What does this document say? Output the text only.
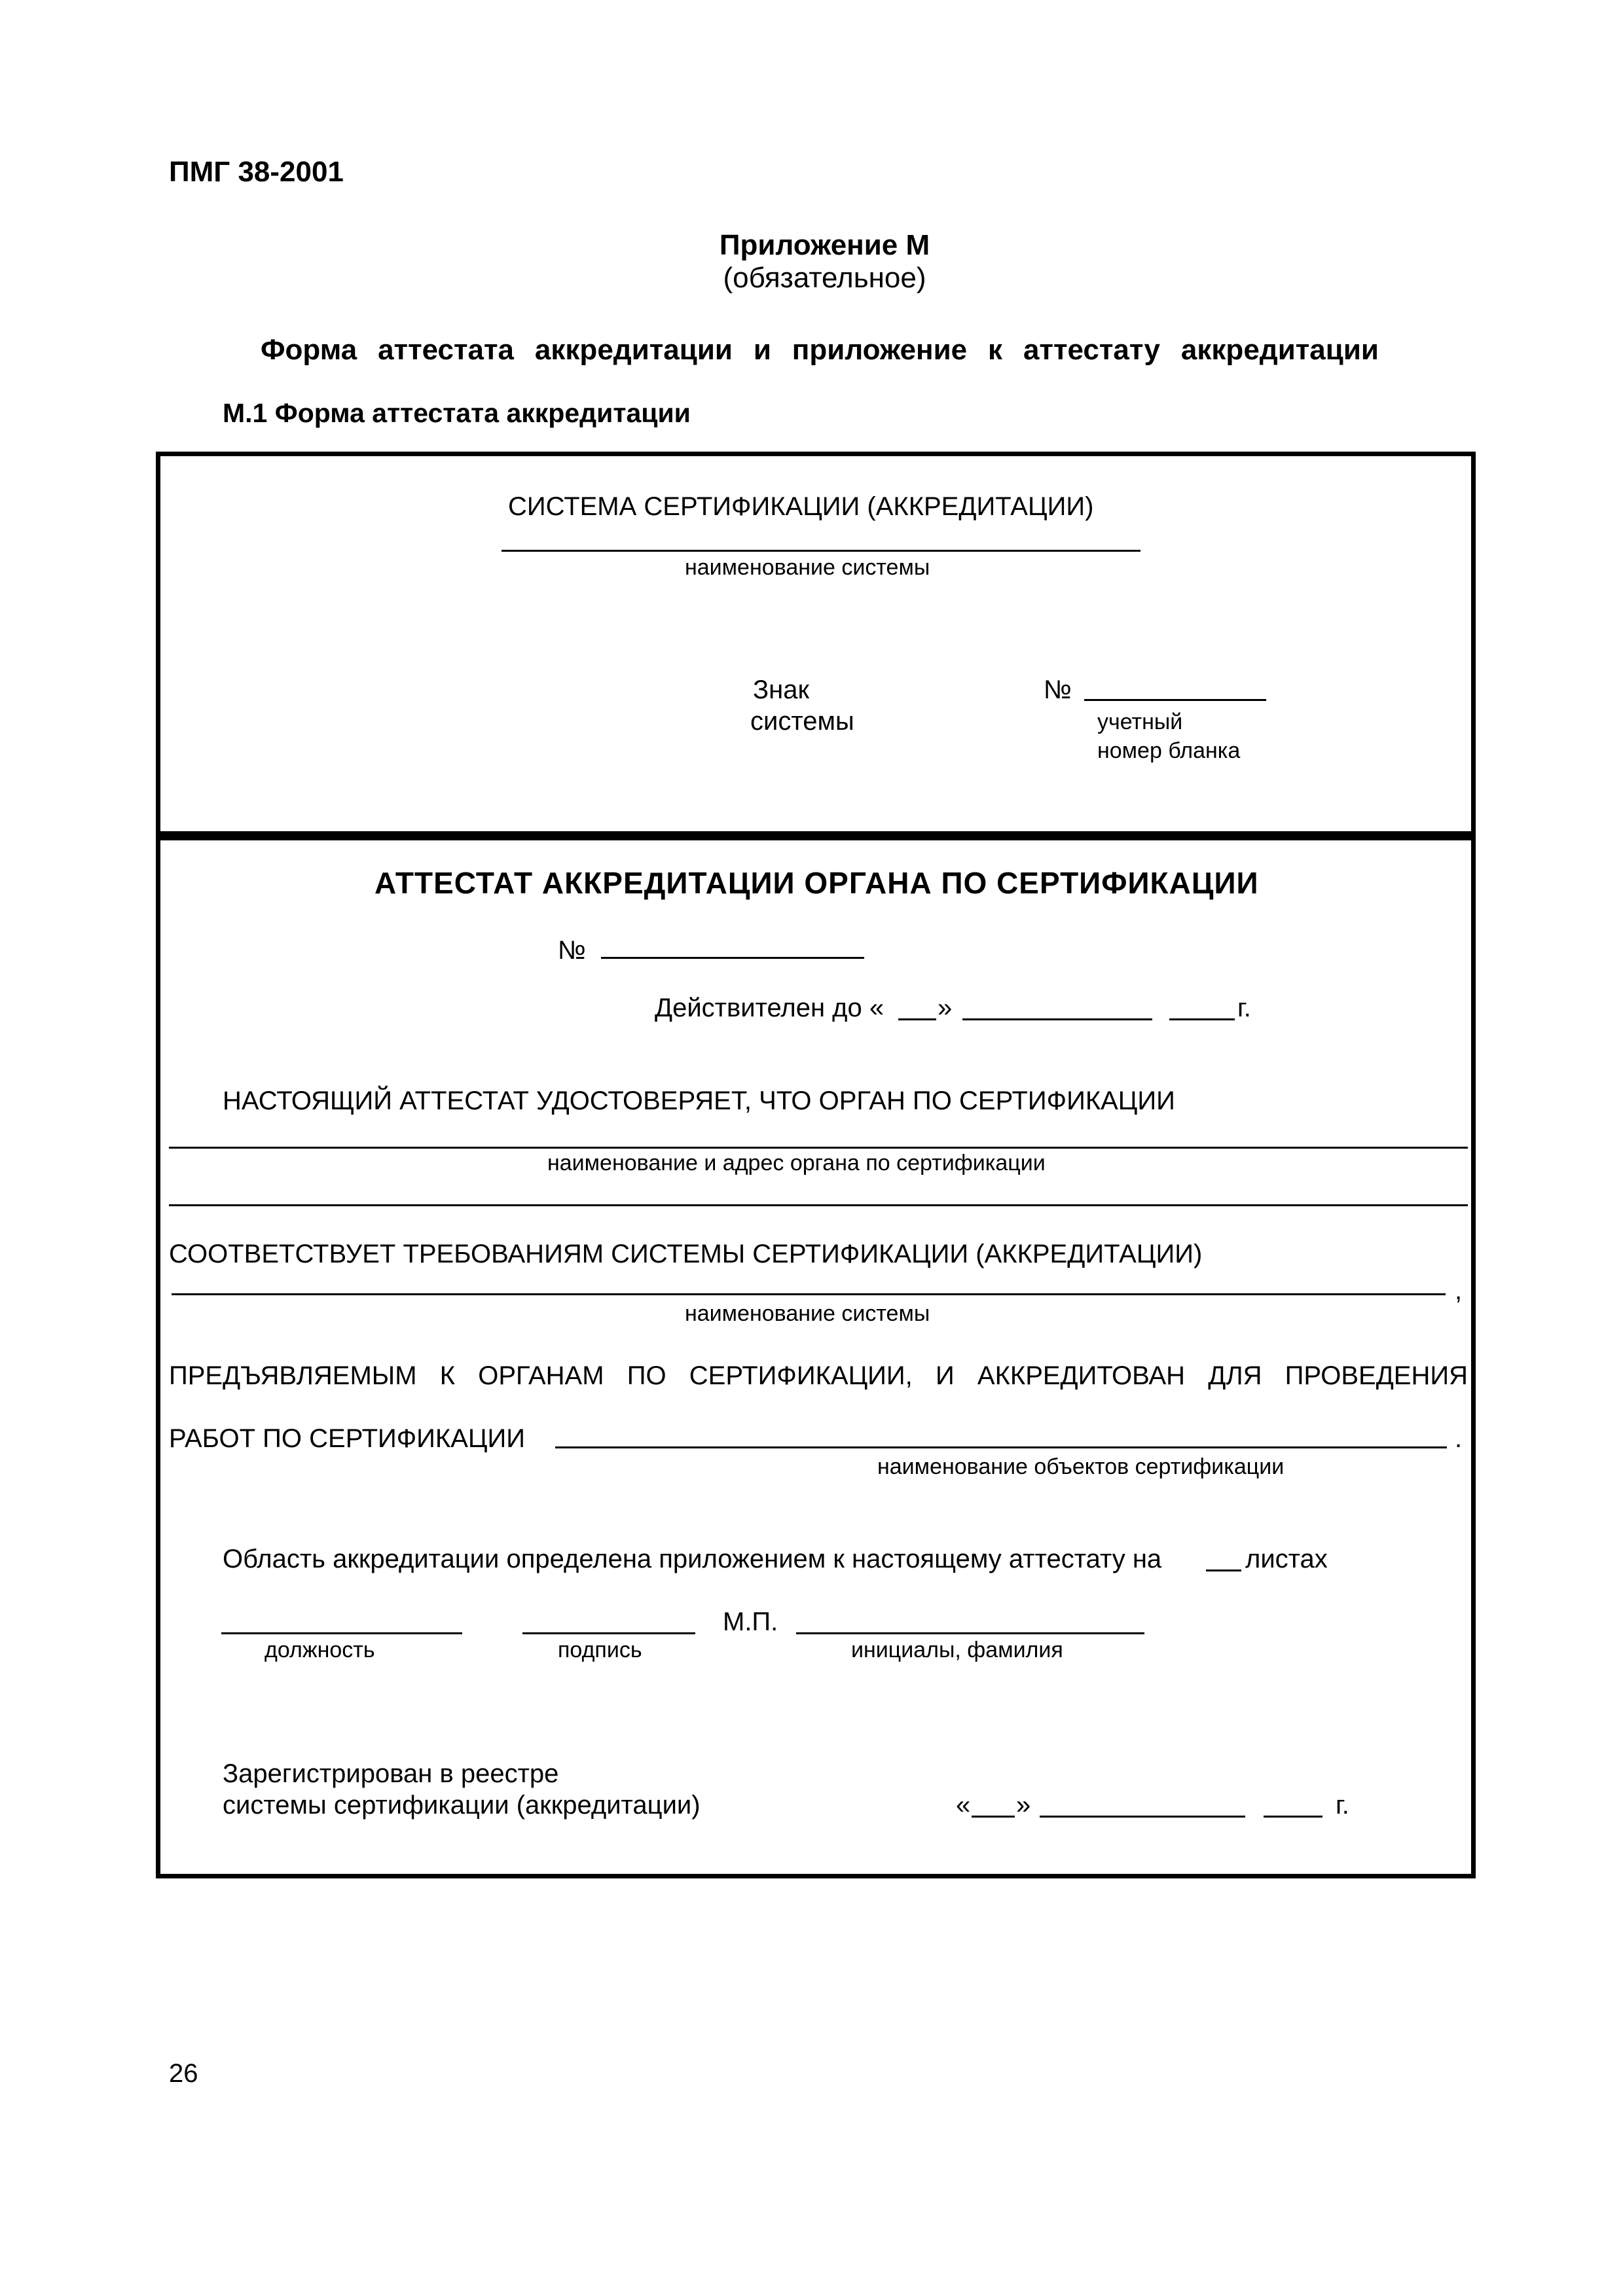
ПМГ 38-2001
Приложение М
(обязательное)
Форма аттестата аккредитации и приложение к аттестату аккредитации
М.1 Форма аттестата аккредитации
СИСТЕМА СЕРТИФИКАЦИИ (АККРЕДИТАЦИИ)
наименование системы
Знак
системы
№
учетный
номер бланка
АТТЕСТАТ АККРЕДИТАЦИИ ОРГАНА ПО СЕРТИФИКАЦИИ
№
Действителен до « »	г.
НАСТОЯЩИЙ АТТЕСТАТ УДОСТОВЕРЯЕТ, ЧТО ОРГАН ПО СЕРТИФИКАЦИИ
наименование и адрес органа по сертификации
СООТВЕТСТВУЕТ ТРЕБОВАНИЯМ СИСТЕМЫ СЕРТИФИКАЦИИ (АККРЕДИТАЦИИ)
,
наименование системы
ПРЕДЪЯВЛЯЕМЫМ К ОРГАНАМ ПО СЕРТИФИКАЦИИ, И АККРЕДИТОВАН ДЛЯ ПРОВЕДЕНИЯ
РАБОТ ПО СЕРТИФИКАЦИИ	.
наименование объектов сертификации
Область аккредитации определена приложением к настоящему аттестату на	листах
должность	подпись
М.П.
инициалы, фамилия
Зарегистрирован в реестре
системы сертификации (аккредитации)	« »	г.
26
